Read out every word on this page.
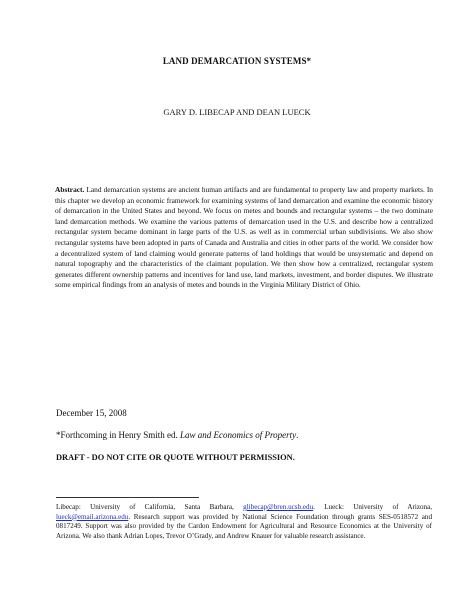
LAND DEMARCATION SYSTEMS*
GARY D. LIBECAP AND DEAN LUECK
Abstract. Land demarcation systems are ancient human artifacts and are fundamental to property law and property markets. In this chapter we develop an economic framework for examining systems of land demarcation and examine the economic history of demarcation in the United States and beyond. We focus on metes and bounds and rectangular systems – the two dominate land demarcation methods. We examine the various patterns of demarcation used in the U.S. and describe how a centralized rectangular system became dominant in large parts of the U.S. as well as in commercial urban subdivisions. We also show rectangular systems have been adopted in parts of Canada and Australia and cities in other parts of the world. We consider how a decentralized system of land claiming would generate patterns of land holdings that would be unsystematic and depend on natural topography and the characteristics of the claimant population. We then show how a centralized, rectangular system generates different ownership patterns and incentives for land use, land markets, investment, and border disputes. We illustrate some empirical findings from an analysis of metes and bounds in the Virginia Military District of Ohio.
December 15, 2008
*Forthcoming in Henry Smith ed. Law and Economics of Property.
DRAFT - DO NOT CITE OR QUOTE WITHOUT PERMISSION.
Libecap: University of California, Santa Barbara, glibecap@bren.ucsb.edu. Lueck: University of Arizona, lueck@email.arizona.edu. Research support was provided by National Science Foundation through grants SES-0518572 and 0817249. Support was also provided by the Cardon Endowment for Agricultural and Resource Economics at the University of Arizona. We also thank Adrian Lopes, Trevor O’Grady, and Andrew Knauer for valuable research assistance.
